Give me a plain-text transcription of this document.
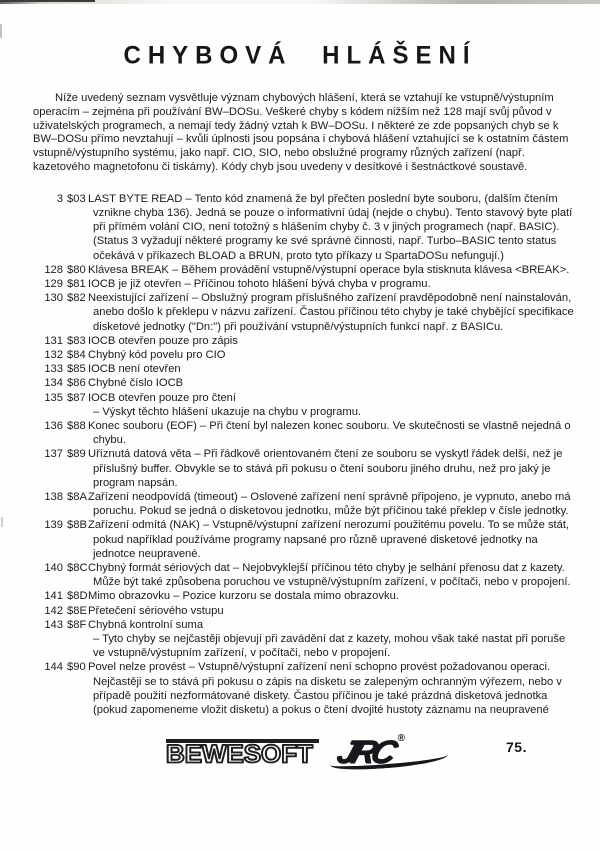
CHYBOVÁ HLÁŠENÍ

Níže uvedený seznam vysvětluje význam chybových hlášení, která se vztahují ke vstupně/výstupním operacím – zejména při používání BW–DOSu. Veškeré chyby s kódem nižším než 128 mají svůj původ v uživatelských programech, a nemají tedy žádný vztah k BW–DOSu. I některé ze zde popsaných chyb se k BW–DOSu přímo nevztahují – kvůli úplnosti jsou popsána i chybová hlášení vztahující se k ostatním částem vstupně/výstupního systému, jako např. CIO, SIO, nebo obslužné programy různých zařízení (např. kazetového magnetofonu či tiskárny). Kódy chyb jsou uvedeny v desítkové i šestnáctkové soustavě.

3 $03 LAST BYTE READ – Tento kód znamená že byl přečten poslední byte souboru, (dalším čtením vznikne chyba 136). Jedná se pouze o informativní údaj (nejde o chybu). Tento stavový byte platí při přímém volání CIO, není totožný s hlášením chyby č. 3 v jiných programech (např. BASIC). (Status 3 vyžadují některé programy ke své správné činnosti, např. Turbo–BASIC tento status očekává v příkazech BLOAD a BRUN, proto tyto příkazy u SpartaDOSu nefungují.)

128 $80 Klávesa BREAK – Během provádění vstupně/výstupní operace byla stisknuta klávesa <BREAK>.

129 $81 IOCB je již otevřen – Příčinou tohoto hlášení bývá chyba v programu.

130 $82 Neexistující zařízení – Obslužný program příslušného zařízení pravděpodobně není nainstalován, anebo došlo k překlepu v názvu zařízení. Častou příčinou této chyby je také chybějící specifikace disketové jednotky ("Dn:") při používání vstupně/výstupních funkcí např. z BASICu.

131 $83 IOCB otevřen pouze pro zápis

132 $84 Chybný kód povelu pro CIO

133 $85 IOCB není otevřen

134 $86 Chybné číslo IOCB

135 $87 IOCB otevřen pouze pro čtení

– Výskyt těchto hlášení ukazuje na chybu v programu.

136 $88 Konec souboru (EOF) – Při čtení byl nalezen konec souboru. Ve skutečnosti se vlastně nejedná o chybu.

137 $89 Uříznutá datová věta – Při řádkově orientovaném čtení ze souboru se vyskytl řádek delší, než je příslušný buffer. Obvykle se to stává při pokusu o čtení souboru jiného druhu, než pro jaký je program napsán.

138 $8A Zařízení neodpovídá (timeout) – Oslovené zařízení není správně připojeno, je vypnuto, anebo má poruchu. Pokud se jedná o disketovou jednotku, může být příčinou také překlep v čísle jednotky.

139 $8B Zařízení odmítá (NAK) – Vstupně/výstupní zařízení nerozumí použitému povelu. To se může stát, pokud například používáme programy napsané pro různě upravené disketové jednotky na jednotce neupravené.

140 $8C Chybný formát sériových dat – Nejobvyklejší příčinou této chyby je selhání přenosu dat z kazety. Může být také způsobena poruchou ve vstupně/výstupním zařízení, v počítači, nebo v propojení.

141 $8D Mimo obrazovku – Pozice kurzoru se dostala mimo obrazovku.

142 $8E Přetečení sériového vstupu

143 $8F Chybná kontrolní suma

– Tyto chyby se nejčastěji objevují při zavádění dat z kazety, mohou však také nastat při poruše ve vstupně/výstupním zařízení, v počítači, nebo v propojení.

144 $90 Povel nelze provést – Vstupně/výstupní zařízení není schopno provést požadovanou operaci. Nejčastěji se to stává při pokusu o zápis na disketu se zalepeným ochranným výřezem, nebo v případě použití nezformátované diskety. Častou příčinou je také prázdná disketová jednotka (pokud zapomeneme vložit disketu) a pokus o čtení dvojité hustoty záznamu na neupravené

BEWESOFT JRC ®
75.
